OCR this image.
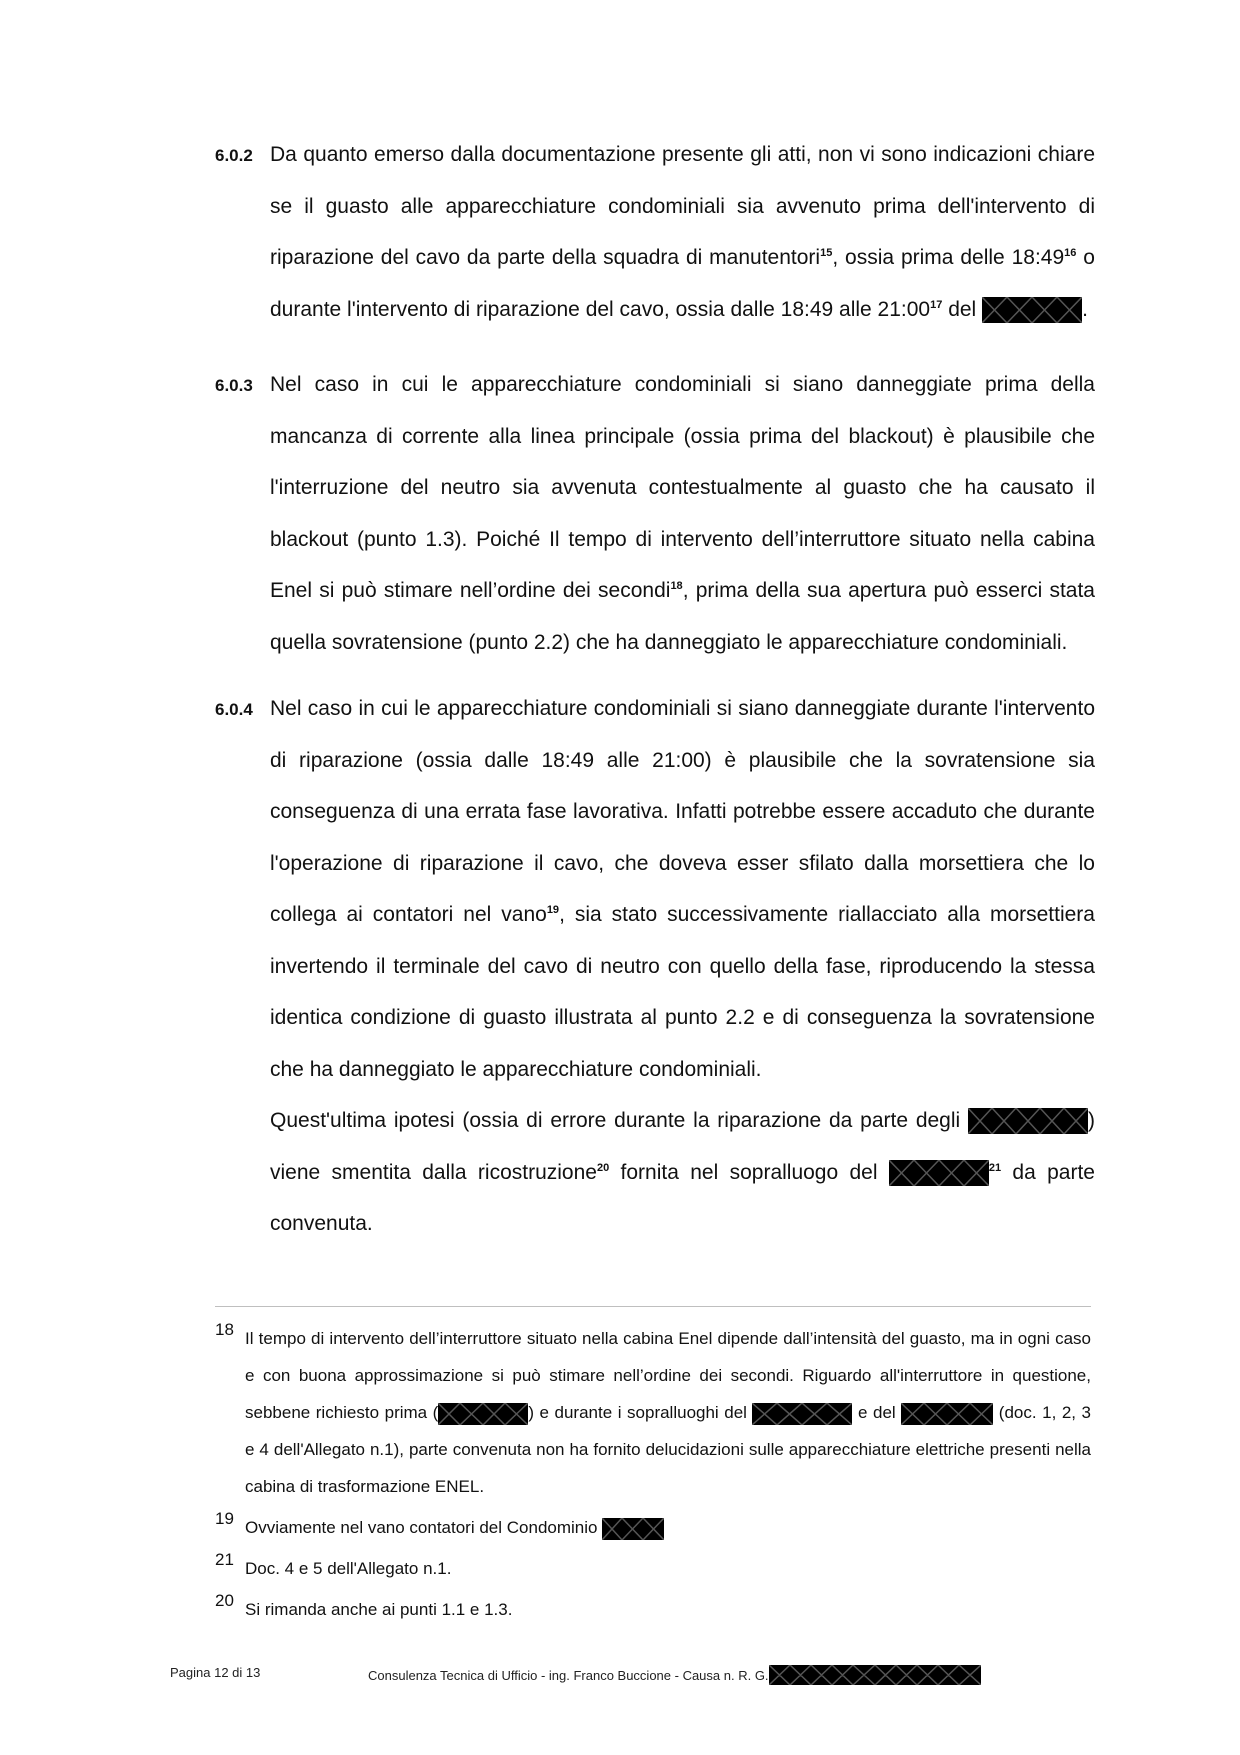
6.0.2 Da quanto emerso dalla documentazione presente gli atti, non vi sono indicazioni chiare se il guasto alle apparecchiature condominiali sia avvenuto prima dell'intervento di riparazione del cavo da parte della squadra di manutentori$^{15}$, ossia prima delle $18:49^{16}$ o durante l'intervento di riparazione del cavo, ossia dalle 18:49 alle $21:00^{17}$ del	.

6.0.3 Nel caso in cui le apparecchiature condominiali si siano danneggiate prima della mancanza di corrente alla linea principale (ossia prima del blackout) è plausibile che l'interruzione del neutro sia avvenuta contestualmente al guasto che ha causato il blackout (punto 1.3). Poiché Il tempo di intervento dell’interruttore situato nella cabina Enel si può stimare nell’ordine dei secondi$^{18}$, prima della sua apertura può esserci stata quella sovratensione (punto 2.2) che ha danneggiato le apparecchiature condominiali.

6.0.4 Nel caso in cui le apparecchiature condominiali si siano danneggiate durante l'intervento di riparazione (ossia dalle 18:49 alle 21:00) è plausibile che la sovratensione sia conseguenza di una errata fase lavorativa. Infatti potrebbe essere accaduto che durante l'operazione di riparazione il cavo, che doveva esser sfilato dalla morsettiera che lo collega ai contatori nel vano$^{19}$, sia stato successivamente riallacciato alla morsettiera invertendo il terminale del cavo di neutro con quello della fase, riproducendo la stessa identica condizione di guasto illustrata al punto 2.2 e di conseguenza la sovratensione che ha danneggiato le apparecchiature condominiali.

Quest'ultima ipotesi (ossia di errore durante la riparazione da parte degli	) viene smentita dalla ricostruzione$^{20}$ fornita nel sopralluogo del	$^{21}$ da parte convenuta.

18 Il tempo di intervento dell’interruttore situato nella cabina Enel dipende dall’intensità del guasto, ma in ogni caso e con buona approssimazione si può stimare nell’ordine dei secondi. Riguardo all'interruttore in questione, sebbene richiesto prima (	) e durante i sopralluoghi del	e del	(doc. 1, 2, 3 e 4 dell'Allegato n.1), parte convenuta non ha fornito delucidazioni sulle apparecchiature elettriche presenti nella cabina di trasformazione ENEL.
19 Ovviamente nel vano contatori del Condominio
21 Doc. 4 e 5 dell'Allegato n.1.
20 Si rimanda anche ai punti 1.1 e 1.3.
Pagina 12 di 13	Consulenza Tecnica di Ufficio - ing. Franco Buccione - Causa n. R. G.
